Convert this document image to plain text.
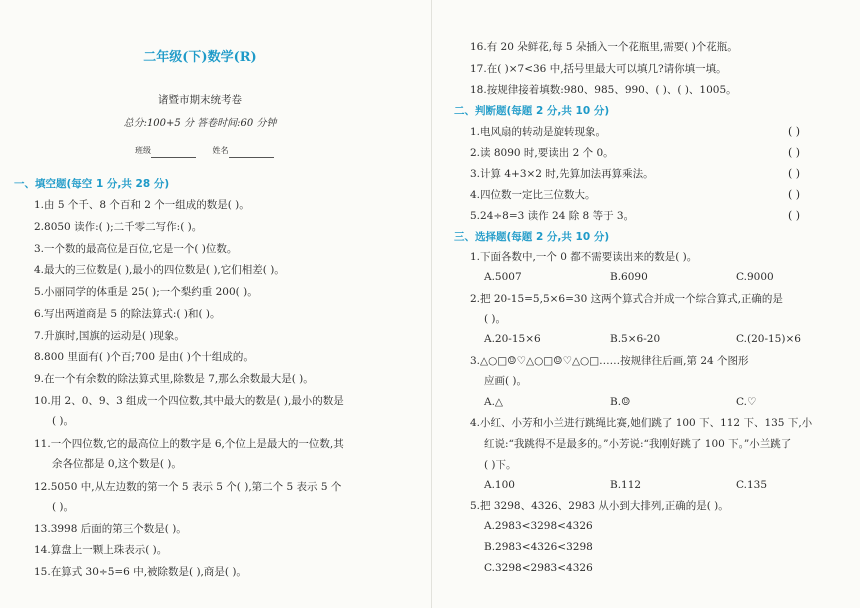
二年级(下)数学(R)
诸暨市期末统考卷
总分:100+5 分 答卷时间:60 分钟
班级	姓名
一、填空题(每空 1 分,共 28 分)
1.由 5 个千、8 个百和 2 个一组成的数是( )。
2.8050 读作:( );二千零二写作:( )。
3.一个数的最高位是百位,它是一个( )位数。
4.最大的三位数是( ),最小的四位数是( ),它们相差( )。
5.小丽同学的体重是 25( );一个梨约重 200( )。
6.写出两道商是 5 的除法算式:( )和( )。
7.升旗时,国旗的运动是( )现象。
8.800 里面有( )个百;700 是由( )个十组成的。
9.在一个有余数的除法算式里,除数是 7,那么余数最大是( )。
10.用 2、0、9、3 组成一个四位数,其中最大的数是( ),最小的数是
( )。
11.一个四位数,它的最高位上的数字是 6,个位上是最大的一位数,其
余各位都是 0,这个数是( )。
12.5050 中,从左边数的第一个 5 表示 5 个( ),第二个 5 表示 5 个
( )。
13.3998 后面的第三个数是( )。
14.算盘上一颗上珠表示( )。
15.在算式 30÷5=6 中,被除数是( ),商是( )。
16.有 20 朵鲜花,每 5 朵插入一个花瓶里,需要( )个花瓶。
17.在( )×7<36 中,括号里最大可以填几?请你填一填。
18.按规律接着填数:980、985、990、( )、( )、1005。
二、判断题(每题 2 分,共 10 分)
1.电风扇的转动是旋转现象。	( )
2.读 8090 时,要读出 2 个 0。	( )
3.计算 4+3×2 时,先算加法再算乘法。	( )
4.四位数一定比三位数大。	( )
5.24÷8=3 读作 24 除 8 等于 3。	( )
三、选择题(每题 2 分,共 10 分)
1.下面各数中,一个 0 都不需要读出来的数是( )。
A.5007	B.6090	C.9000
2.把 20-15=5,5×6=30 这两个算式合并成一个综合算式,正确的是
( )。
A.20-15×6	B.5×6-20	C.(20-15)×6
3.△○□☺♡△○□☺♡△○□……按规律往后画,第 24 个图形
应画( )。
A.△	B.☺	C.♡
4.小红、小芳和小兰进行跳绳比赛,她们跳了 100 下、112 下、135 下,小
红说:“我跳得不是最多的。”小芳说:“我刚好跳了 100 下。”小兰跳了
( )下。
A.100	B.112	C.135
5.把 3298、4326、2983 从小到大排列,正确的是( )。
A.2983<3298<4326
B.2983<4326<3298
C.3298<2983<4326
